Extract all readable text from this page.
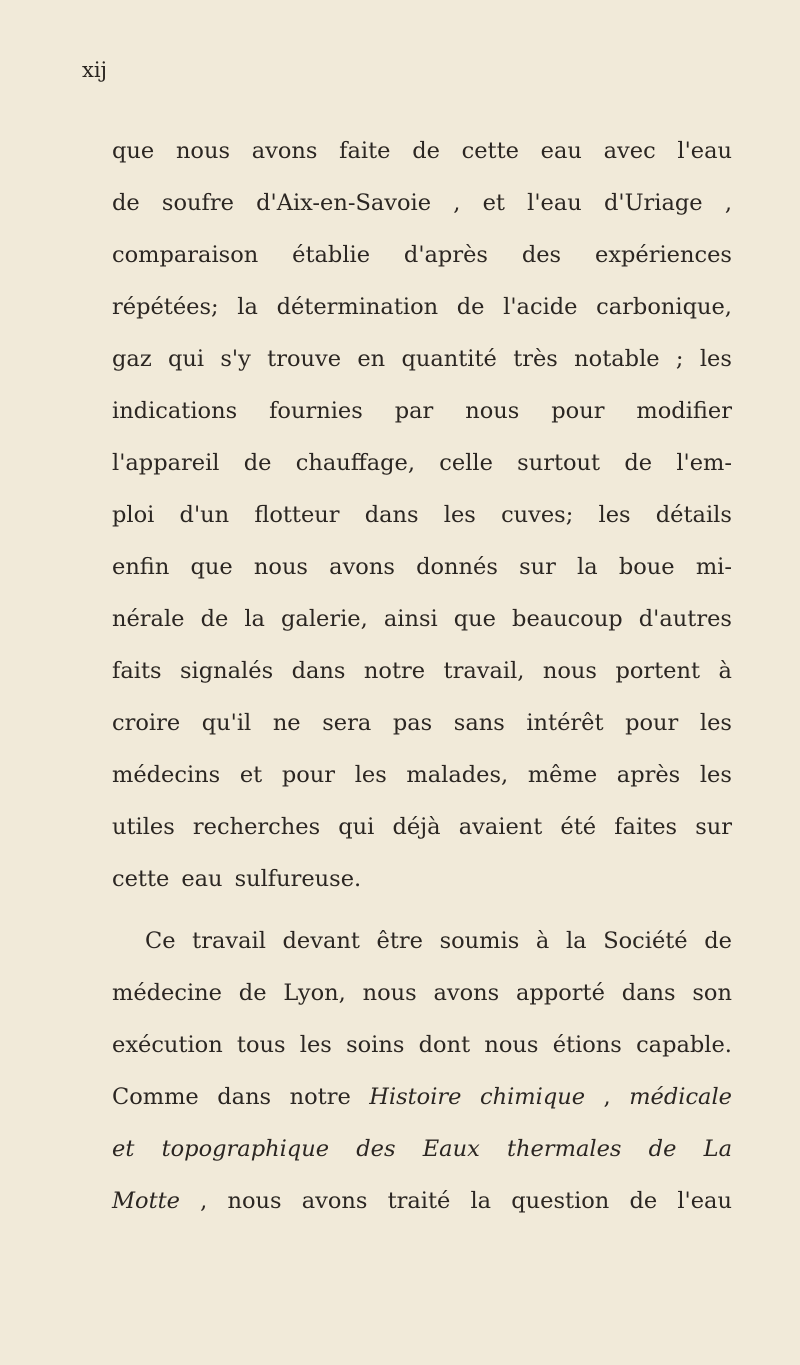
xij
que nous avons faite de cette eau avec l'eau
de soufre d'Aix-en-Savoie , et l'eau d'Uriage ,
comparaison établie d'après des expériences
répétées; la détermination de l'acide carbonique,
gaz qui s'y trouve en quantité très notable ; les
indications fournies par nous pour modifier
l'appareil de chauffage, celle surtout de l'em-
ploi d'un flotteur dans les cuves; les détails
enfin que nous avons donnés sur la boue mi-
nérale de la galerie, ainsi que beaucoup d'autres
faits signalés dans notre travail, nous portent à
croire qu'il ne sera pas sans intérêt pour les
médecins et pour les malades, même après les
utiles recherches qui déjà avaient été faites sur
cette eau sulfureuse.
Ce travail devant être soumis à la Société de
médecine de Lyon, nous avons apporté dans son
exécution tous les soins dont nous étions capable.
Comme dans notre Histoire chimique , médicale
et topographique des Eaux thermales de La
Motte , nous avons traité la question de l'eau
